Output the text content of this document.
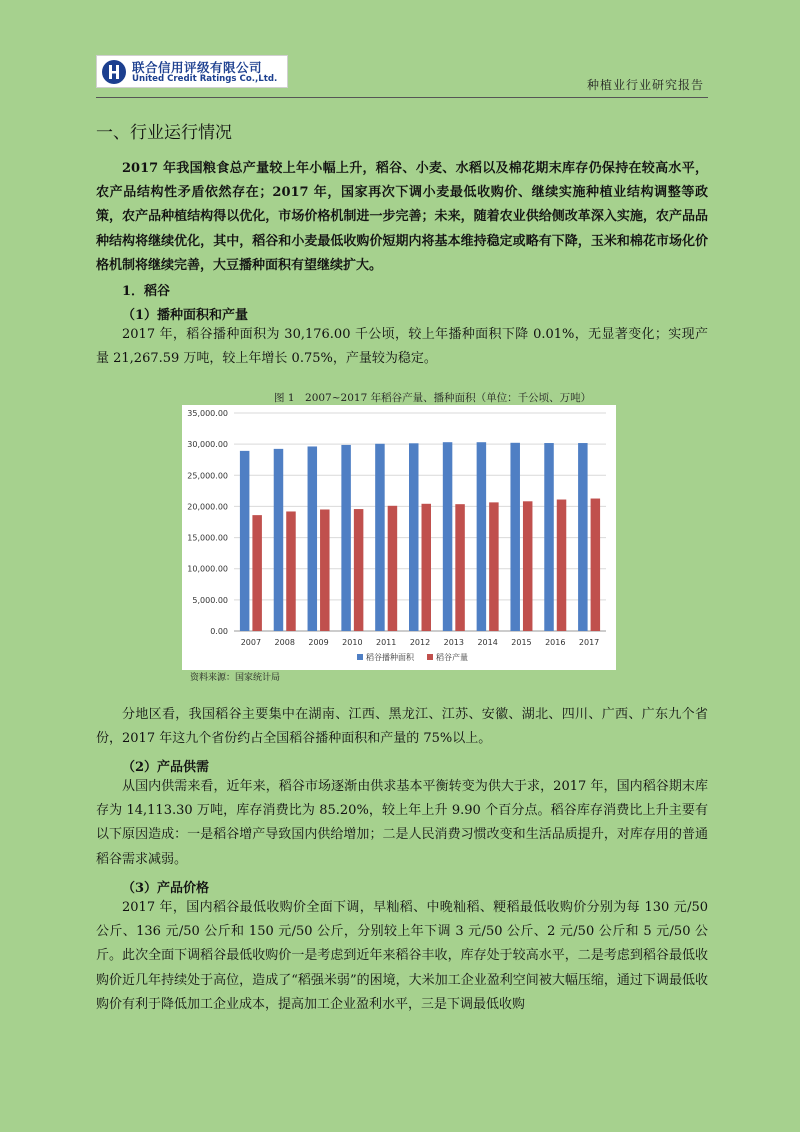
联合信用评级有限公司
United Credit Ratings Co.,Ltd.	种植业行业研究报告
一、行业运行情况

2017 年我国粮食总产量较上年小幅上升，稻谷、小麦、水稻以及棉花期末库存仍保持在较高水平，农产品结构性矛盾依然存在；2017 年，国家再次下调小麦最低收购价、继续实施种植业结构调整等政策，农产品种植结构得以优化，市场价格机制进一步完善；未来，随着农业供给侧改革深入实施，农产品品种结构将继续优化，其中，稻谷和小麦最低收购价短期内将基本维持稳定或略有下降，玉米和棉花市场化价格机制将继续完善，大豆播种面积有望继续扩大。

1．稻谷
（1）播种面积和产量

2017 年，稻谷播种面积为 30,176.00 千公顷，较上年播种面积下降 0.01%，无显著变化；实现产量 21,267.59 万吨，较上年增长 0.75%，产量较为稳定。

图 1　2007~2017 年稻谷产量、播种面积（单位：千公顷、万吨）
0.00
5,000.00
10,000.00
15,000.00
20,000.00
25,000.00
30,000.00
35,000.00
2007 2008 2009 2010 2011 2012 2013 2014 2015 2016 2017
稻谷播种面积	稻谷产量
资料来源：国家统计局

分地区看，我国稻谷主要集中在湖南、江西、黑龙江、江苏、安徽、湖北、四川、广西、广东九个省份，2017 年这九个省份约占全国稻谷播种面积和产量的 75%以上。

（2）产品供需

从国内供需来看，近年来，稻谷市场逐渐由供求基本平衡转变为供大于求，2017 年，国内稻谷期末库存为 14,113.30 万吨，库存消费比为 85.20%，较上年上升 9.90 个百分点。稻谷库存消费比上升主要有以下原因造成：一是稻谷增产导致国内供给增加；二是人民消费习惯改变和生活品质提升，对库存用的普通稻谷需求减弱。

（3）产品价格

2017 年，国内稻谷最低收购价全面下调，早籼稻、中晚籼稻、粳稻最低收购价分别为每 130 元/50 公斤、136 元/50 公斤和 150 元/50 公斤，分别较上年下调 3 元/50 公斤、2 元/50 公斤和 5 元/50 公斤。此次全面下调稻谷最低收购价一是考虑到近年来稻谷丰收，库存处于较高水平，二是考虑到稻谷最低收购价近几年持续处于高位，造成了“稻强米弱”的困境，大米加工企业盈利空间被大幅压缩，通过下调最低收购价有利于降低加工企业成本，提高加工企业盈利水平，三是下调最低收购
